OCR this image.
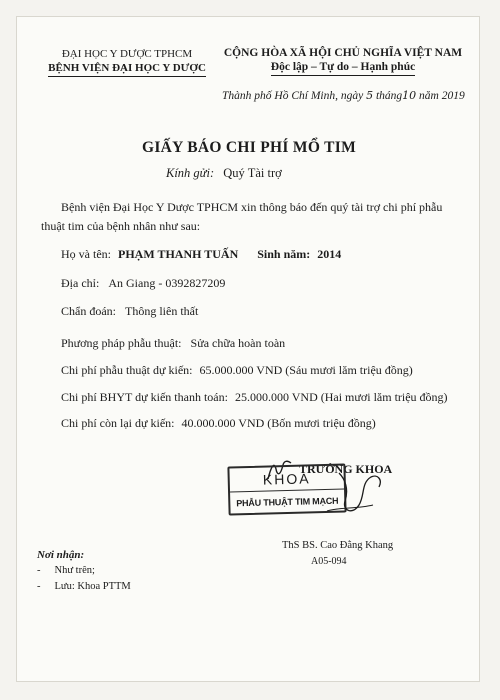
ĐẠI HỌC Y DƯỢC TPHCM
BỆNH VIỆN ĐẠI HỌC Y DƯỢC
CỘNG HÒA XÃ HỘI CHỦ NGHĨA VIỆT NAM
Độc lập – Tự do – Hạnh phúc
Thành phố Hồ Chí Minh, ngày 5 tháng10 năm 2019
GIẤY BÁO CHI PHÍ MỔ TIM
Kính gửi: Quý Tài trợ
Bệnh viện Đại Học Y Dược TPHCM xin thông báo đến quý tài trợ chi phí phẫu
thuật tim của bệnh nhân như sau:
Họ và tên: PHẠM THANH TUẤN Sinh năm: 2014
Địa chỉ: An Giang - 0392827209
Chẩn đoán: Thông liên thất
Phương pháp phẫu thuật: Sửa chữa hoàn toàn
Chi phí phẫu thuật dự kiến: 65.000.000 VND (Sáu mươi lăm triệu đồng)
Chi phí BHYT dự kiến thanh toán: 25.000.000 VND (Hai mươi lăm triệu đồng)
Chi phí còn lại dự kiến: 40.000.000 VND (Bốn mươi triệu đồng)
TRƯỞNG KHOA
KHOA
PHẪU THUẬT TIM MẠCH
ThS BS. Cao Đằng Khang
A05-094
Nơi nhận:
- Như trên;
- Lưu: Khoa PTTM
